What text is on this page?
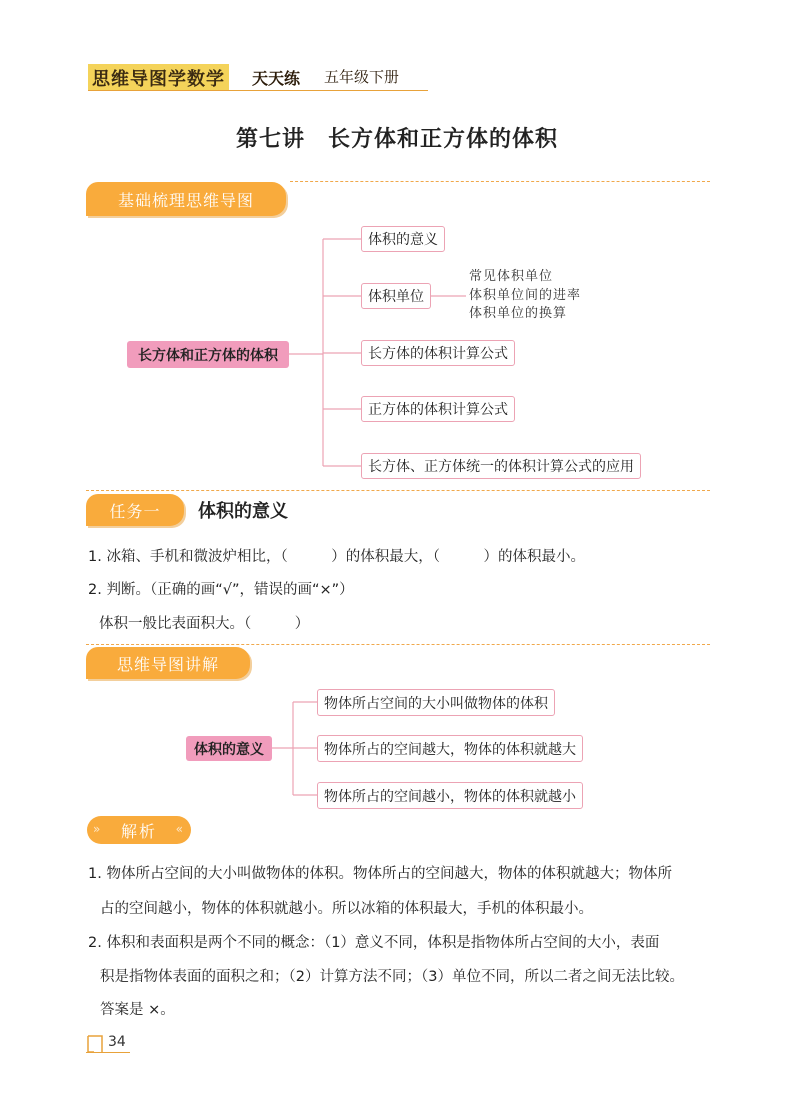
思维导图学数学 天天练 五年级下册
第七讲　长方体和正方体的体积
基础梳理思维导图
长方体和正方体的体积
体积的意义
体积单位
长方体的体积计算公式
正方体的体积计算公式
长方体、正方体统一的体积计算公式的应用
常见体积单位
体积单位间的进率
体积单位的换算
任务一	体积的意义
1. 冰箱、手机和微波炉相比，（　　　）的体积最大，（　　　）的体积最小。
2. 判断。（正确的画“√”，错误的画“×”）
体积一般比表面积大。（　　　）
思维导图讲解
体积的意义
物体所占空间的大小叫做物体的体积
物体所占的空间越大，物体的体积就越大
物体所占的空间越小，物体的体积就越小
» 解析 «
1. 物体所占空间的大小叫做物体的体积。物体所占的空间越大，物体的体积就越大；物体所
占的空间越小，物体的体积就越小。所以冰箱的体积最大，手机的体积最小。
2. 体积和表面积是两个不同的概念：（1）意义不同，体积是指物体所占空间的大小，表面
积是指物体表面的面积之和；（2）计算方法不同；（3）单位不同，所以二者之间无法比较。
答案是 ×。
34
